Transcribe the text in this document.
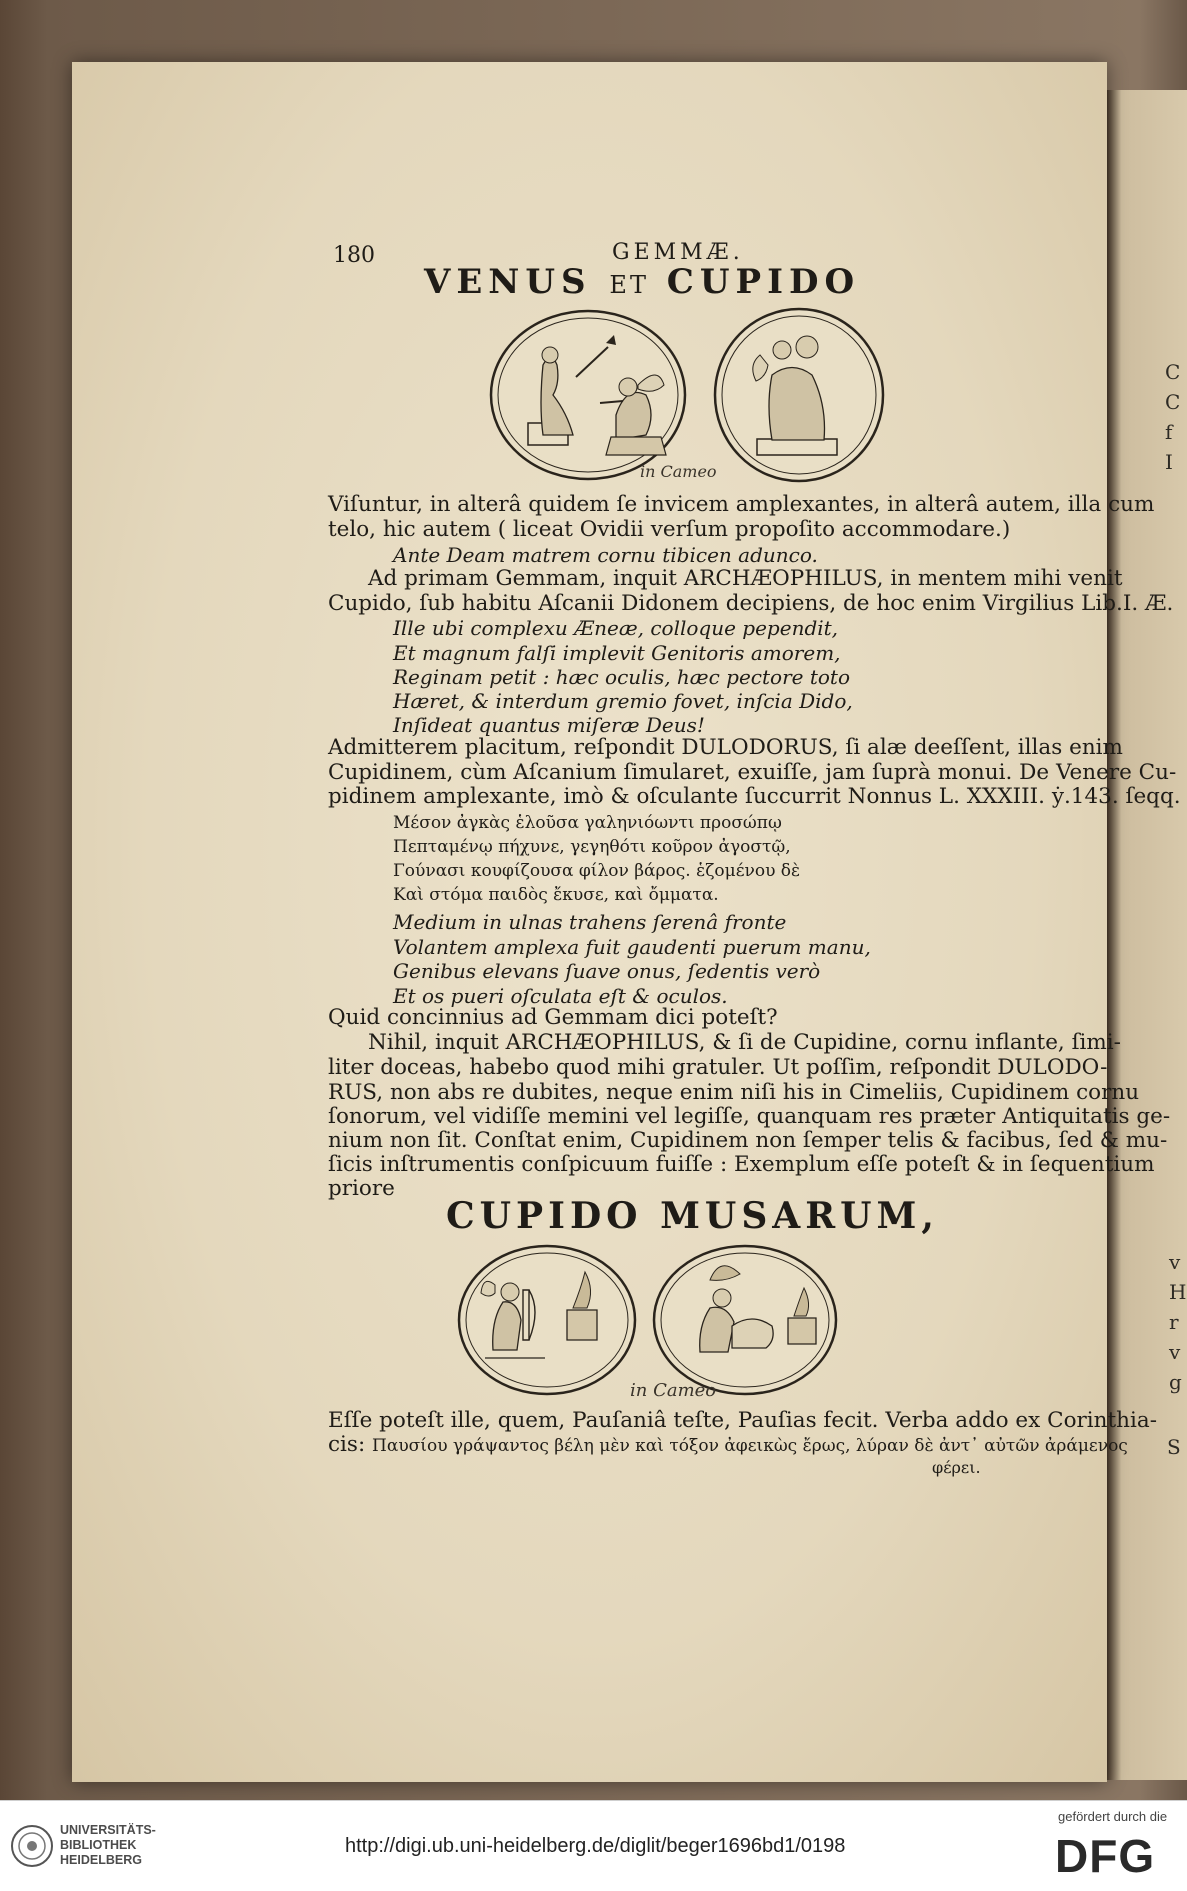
C
C
f
I
v
H
r
v
g
S
180	GEMMÆ.
VENUS ET CUPIDO
in Cameo
Viſuntur, in alterâ quidem ſe invicem amplexantes, in alterâ autem, illa cum
telo, hic autem ( liceat Ovidii verſum propoſito accommodare.)
Ante Deam matrem cornu tibicen adunco.
Ad primam Gemmam, inquit ARCHÆOPHILUS, in mentem mihi venit
Cupido, ſub habitu Aſcanii Didonem decipiens, de hoc enim Virgilius Lib.I. Æ.
Ille ubi complexu Æneæ, colloque pependit,
Et magnum falſi implevit Genitoris amorem,
Reginam petit : hæc oculis, hæc pectore toto
Hæret, & interdum gremio fovet, inſcia Dido,
Inſideat quantus miſeræ Deus!
Admitterem placitum, reſpondit DULODORUS, ſi alæ deeſſent, illas enim
Cupidinem, cùm Aſcanium ſimularet, exuiſſe, jam ſuprà monui. De Venere Cu-
pidinem amplexante, imò & oſculante ſuccurrit Nonnus L. XXXIII. ẏ.143. ſeqq.
Μέσον ἀγκὰς ἑλοῦσα γαληνιόωντι προσώπῳ
Πεπταμένῳ πήχυνε, γεγηθότι κοῦρον ἀγοστῷ,
Γούνασι κουφίζουσα φίλον βάρος. ἑζομένου δὲ
Καὶ στόμα παιδὸς ἔκυσε, καὶ ὄμματα.
Medium in ulnas trahens ſerenâ fronte
Volantem amplexa fuit gaudenti puerum manu,
Genibus elevans ſuave onus, ſedentis verò
Et os pueri oſculata eſt & oculos.
Quid concinnius ad Gemmam dici poteſt?
Nihil, inquit ARCHÆOPHILUS, & ſi de Cupidine, cornu inflante, ſimi-
liter doceas, habebo quod mihi gratuler. Ut poſſim, reſpondit DULODO-
RUS, non abs re dubites, neque enim niſi his in Cimeliis, Cupidinem cornu
ſonorum, vel vidiſſe memini vel legiſſe, quanquam res præter Antiquitatis ge-
nium non ſit. Conſtat enim, Cupidinem non ſemper telis & facibus, ſed & mu-
ſicis inſtrumentis conſpicuum fuiſſe : Exemplum eſſe poteſt & in ſequentium
priore
CUPIDO MUSARUM,
in Cameo
Eſſe poteſt ille, quem, Pauſaniâ teſte, Pauſias fecit. Verba addo ex Corinthia-
cis: Παυσίου γράψαντος βέλη μὲν καὶ τόξον ἀφεικὼς ἔρως, λύραν δὲ ἀντ᾽ αὐτῶν ἀράμενος
φέρει.
UNIVERSITÄTS-
BIBLIOTHEK
HEIDELBERG
http://digi.ub.uni-heidelberg.de/diglit/beger1696bd1/0198
gefördert durch die
DFG
